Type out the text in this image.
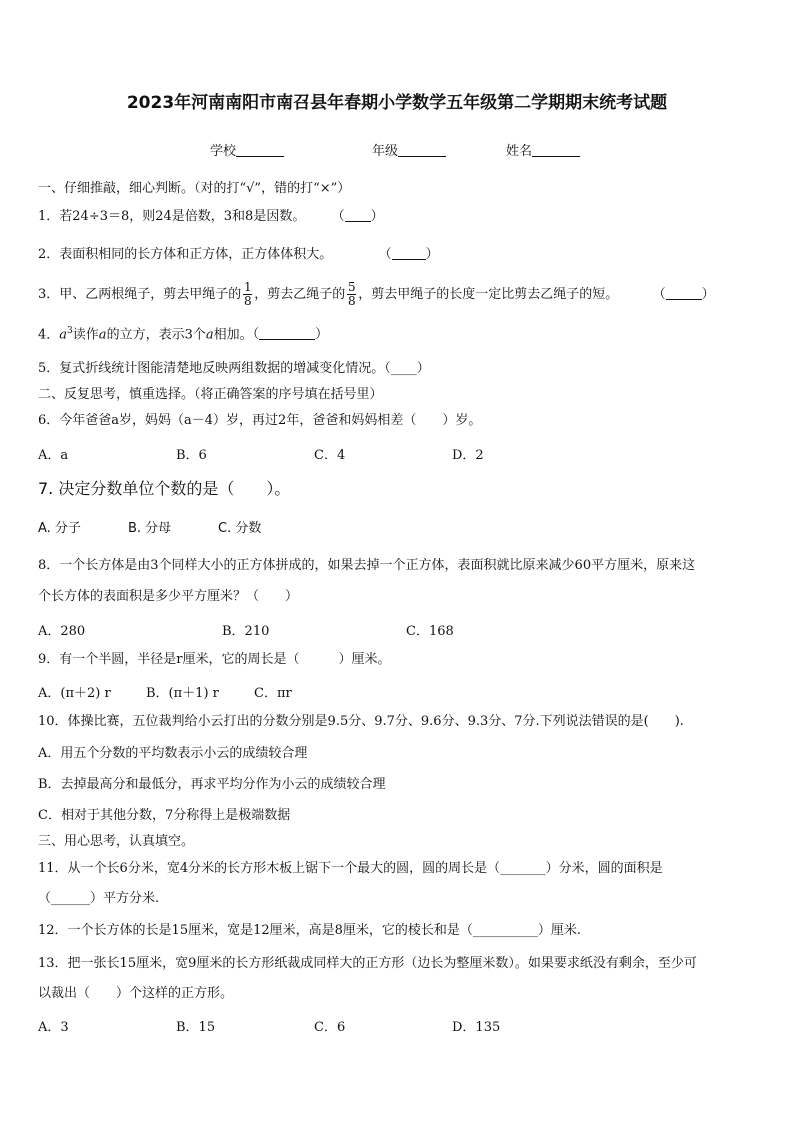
2023年河南南阳市南召县年春期小学数学五年级第二学期期末统考试题
学校	年级	姓名
一、仔细推敲，细心判断。（对的打“√”，错的打“×”）
1．若24÷3＝8，则24是倍数，3和8是因数。 （ ）
2．表面积相同的长方体和正方体，正方体体积大。	（	）
3．甲、乙两根绳子，剪去甲绳子的 $\frac{1}{8}$ ，剪去乙绳子的 $\frac{5}{8}$ ，剪去甲绳子的长度一定比剪去乙绳子的短。	（	）
4．$a^3$读作a的立方，表示3个a相加。（	）
5．复式折线统计图能清楚地反映两组数据的增减变化情况。（____）
二、反复思考，慎重选择。（将正确答案的序号填在括号里）
6．今年爸爸a岁，妈妈（a－4）岁，再过2年，爸爸和妈妈相差（　　）岁。
A．a	B．6	C．4	D．2
7. 决定分数单位个数的是（　　）。
A. 分子	B. 分母	C. 分数
8．一个长方体是由3个同样大小的正方体拼成的，如果去掉一个正方体，表面积就比原来减少60平方厘米，原来这
个长方体的表面积是多少平方厘米？（　　）
A．280	B．210	C．168
9．有一个半圆，半径是r厘米，它的周长是（　　　）厘米。
A．(π＋2) r	B．(π＋1) r	C．πr
10．体操比赛，五位裁判给小云打出的分数分别是9.5分、9.7分、9.6分、9.3分、7分.下列说法错误的是(　　).
A．用五个分数的平均数表示小云的成绩较合理
B．去掉最高分和最低分，再求平均分作为小云的成绩较合理
C．相对于其他分数，7分称得上是极端数据
三、用心思考，认真填空。
11．从一个长6分米，宽4分米的长方形木板上锯下一个最大的圆，圆的周长是（_______）分米，圆的面积是
（______）平方分米.
12．一个长方体的长是15厘米，宽是12厘米，高是8厘米，它的棱长和是（__________）厘米.
13．把一张长15厘米，宽9厘米的长方形纸裁成同样大的正方形（边长为整厘米数）。如果要求纸没有剩余，至少可
以裁出（　　）个这样的正方形。
A．3	B．15	C．6	D．135
